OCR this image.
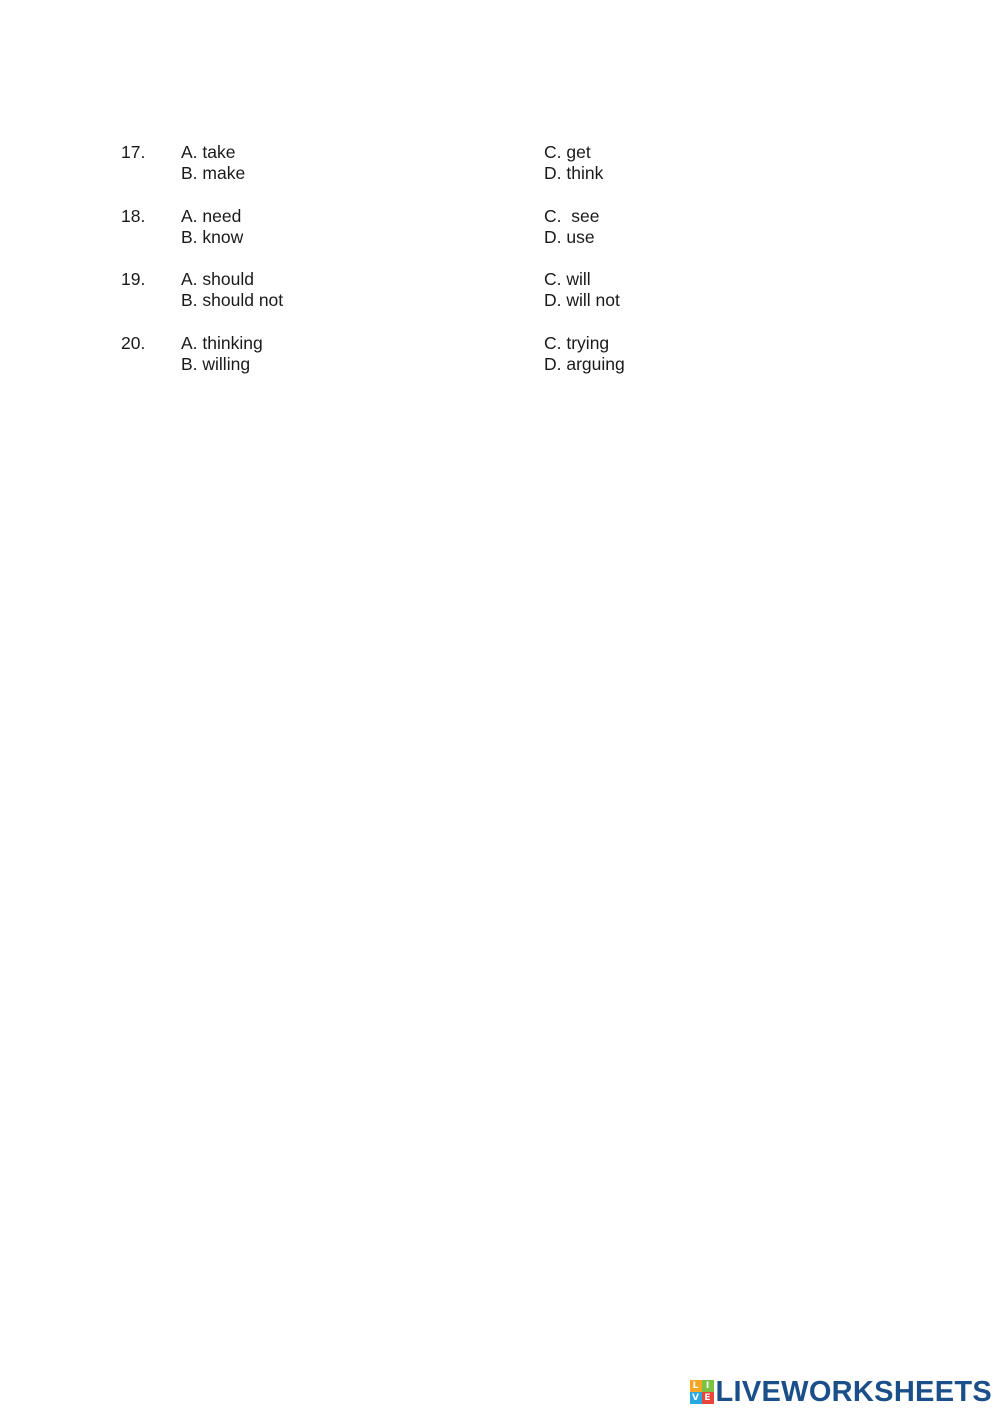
17. A. take
B. make
C. get
D. think
18. A. need
B. know
C.  see
D. use
19. A. should
B. should not
C. will
D. will not
20. A. thinking
B. willing
C. trying
D. arguing
L I
V E LIVEWORKSHEETS
